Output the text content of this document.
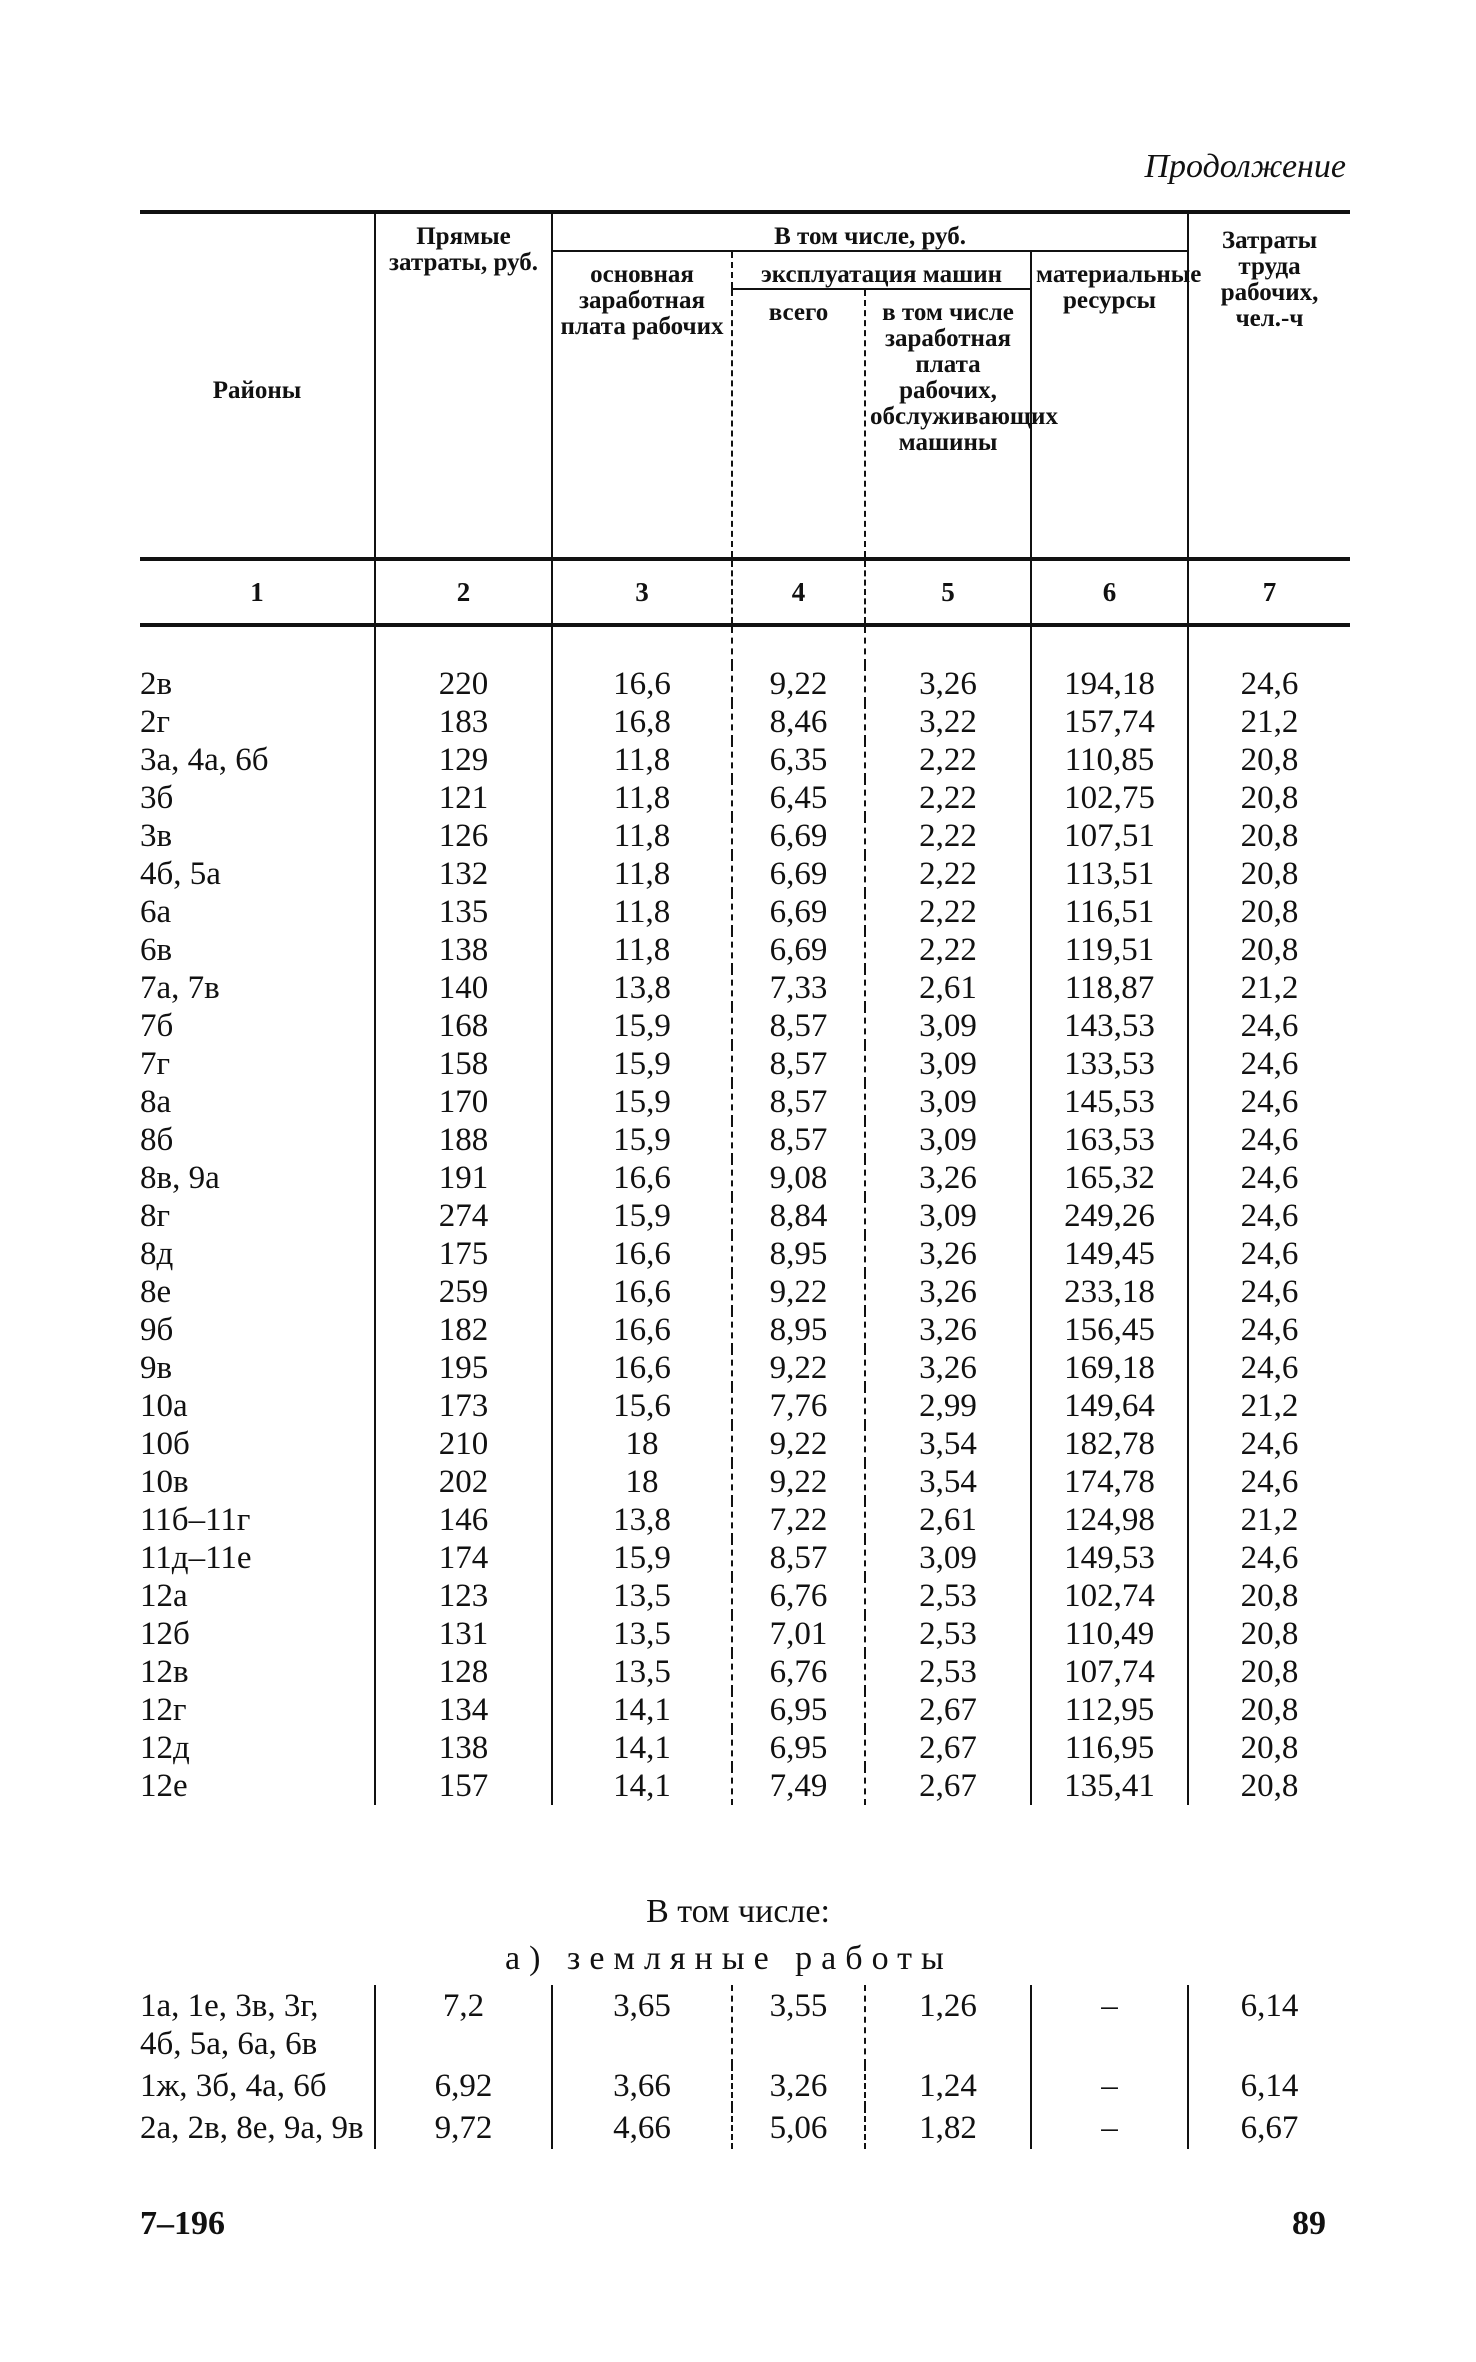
Продолжение
Районы	Прямые затраты, руб.	В том числе, руб.				Затраты труда рабочих, чел.-ч
		основная заработная плата рабочих	эксплуатация машин		материальные ресурсы	
			всего	в том числе заработная плата рабочих, обслуживающих машины		
1	2	3	4	5	6	7

2в	220	16,6	9,22	3,26	194,18	24,6
2г	183	16,8	8,46	3,22	157,74	21,2
3а, 4а, 6б	129	11,8	6,35	2,22	110,85	20,8
3б	121	11,8	6,45	2,22	102,75	20,8
3в	126	11,8	6,69	2,22	107,51	20,8
4б, 5а	132	11,8	6,69	2,22	113,51	20,8
6а	135	11,8	6,69	2,22	116,51	20,8
6в	138	11,8	6,69	2,22	119,51	20,8
7а, 7в	140	13,8	7,33	2,61	118,87	21,2
7б	168	15,9	8,57	3,09	143,53	24,6
7г	158	15,9	8,57	3,09	133,53	24,6
8а	170	15,9	8,57	3,09	145,53	24,6
8б	188	15,9	8,57	3,09	163,53	24,6
8в, 9а	191	16,6	9,08	3,26	165,32	24,6
8г	274	15,9	8,84	3,09	249,26	24,6
8д	175	16,6	8,95	3,26	149,45	24,6
8е	259	16,6	9,22	3,26	233,18	24,6
9б	182	16,6	8,95	3,26	156,45	24,6
9в	195	16,6	9,22	3,26	169,18	24,6
10а	173	15,6	7,76	2,99	149,64	21,2
10б	210	18	9,22	3,54	182,78	24,6
10в	202	18	9,22	3,54	174,78	24,6
11б–11г	146	13,8	7,22	2,61	124,98	21,2
11д–11е	174	15,9	8,57	3,09	149,53	24,6
12а	123	13,5	6,76	2,53	102,74	20,8
12б	131	13,5	7,01	2,53	110,49	20,8
12в	128	13,5	6,76	2,53	107,74	20,8
12г	134	14,1	6,95	2,67	112,95	20,8
12д	138	14,1	6,95	2,67	116,95	20,8
12е	157	14,1	7,49	2,67	135,41	20,8
В том числе:
а) земляные работы
1а, 1е, 3в, 3г, 4б, 5а, 6а, 6в	7,2	3,65	3,55	1,26	–	6,14
1ж, 3б, 4а, 6б	6,92	3,66	3,26	1,24	–	6,14
2а, 2в, 8е, 9а, 9в	9,72	4,66	5,06	1,82	–	6,67
7–196	89
